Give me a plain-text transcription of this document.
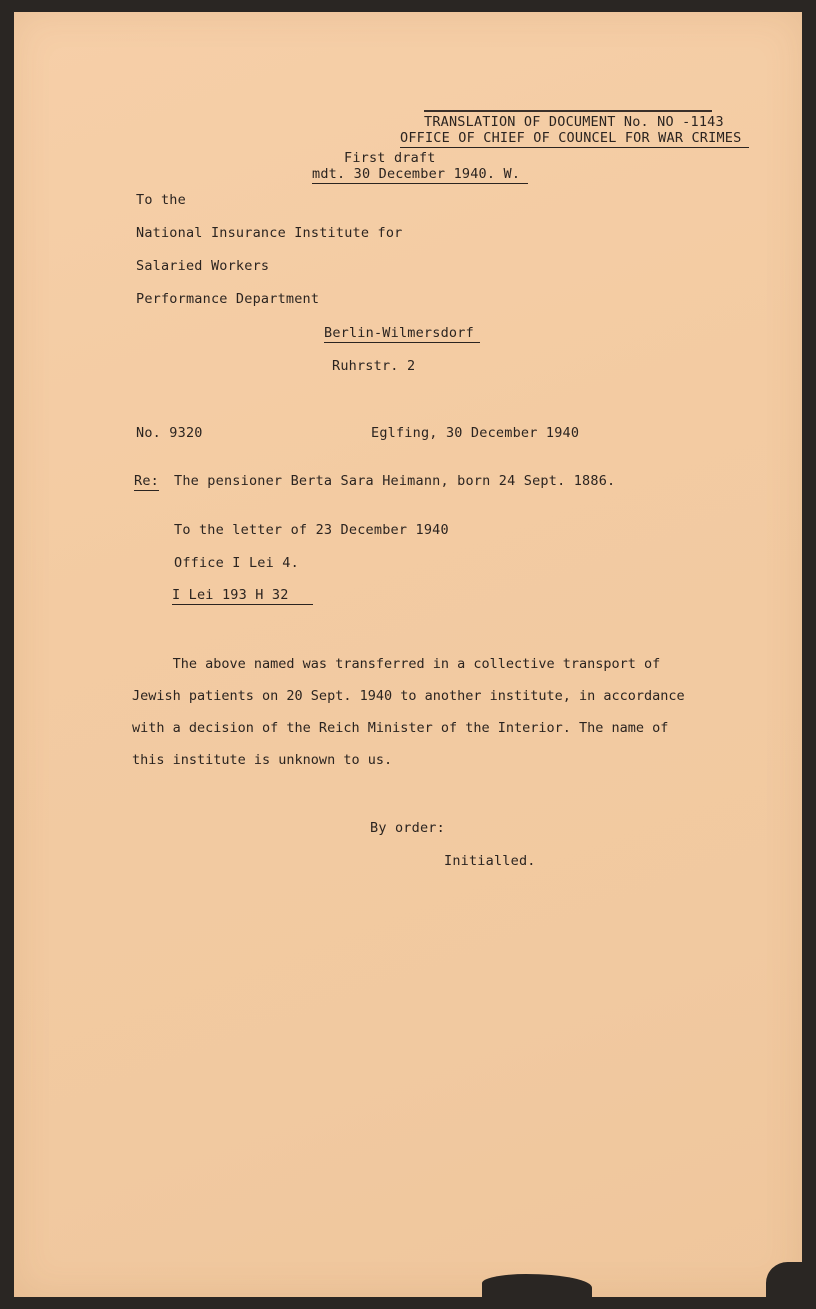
TRANSLATION OF DOCUMENT No. NO -1143
OFFICE OF CHIEF OF COUNCEL FOR WAR CRIMES
First draft
mdt. 30 December 1940. W.
To the
National Insurance Institute for
Salaried Workers
Performance Department
Berlin-Wilmersdorf
Ruhrstr. 2
No. 9320	Eglfing, 30 December 1940
Re: The pensioner Berta Sara Heimann, born 24 Sept. 1886.
To the letter of 23 December 1940
Office I Lei 4.
I Lei 193 H 32
The above named was transferred in a collective transport of
Jewish patients on 20 Sept. 1940 to another institute, in accordance
with a decision of the Reich Minister of the Interior. The name of
this institute is unknown to us.
By order:
Initialled.
